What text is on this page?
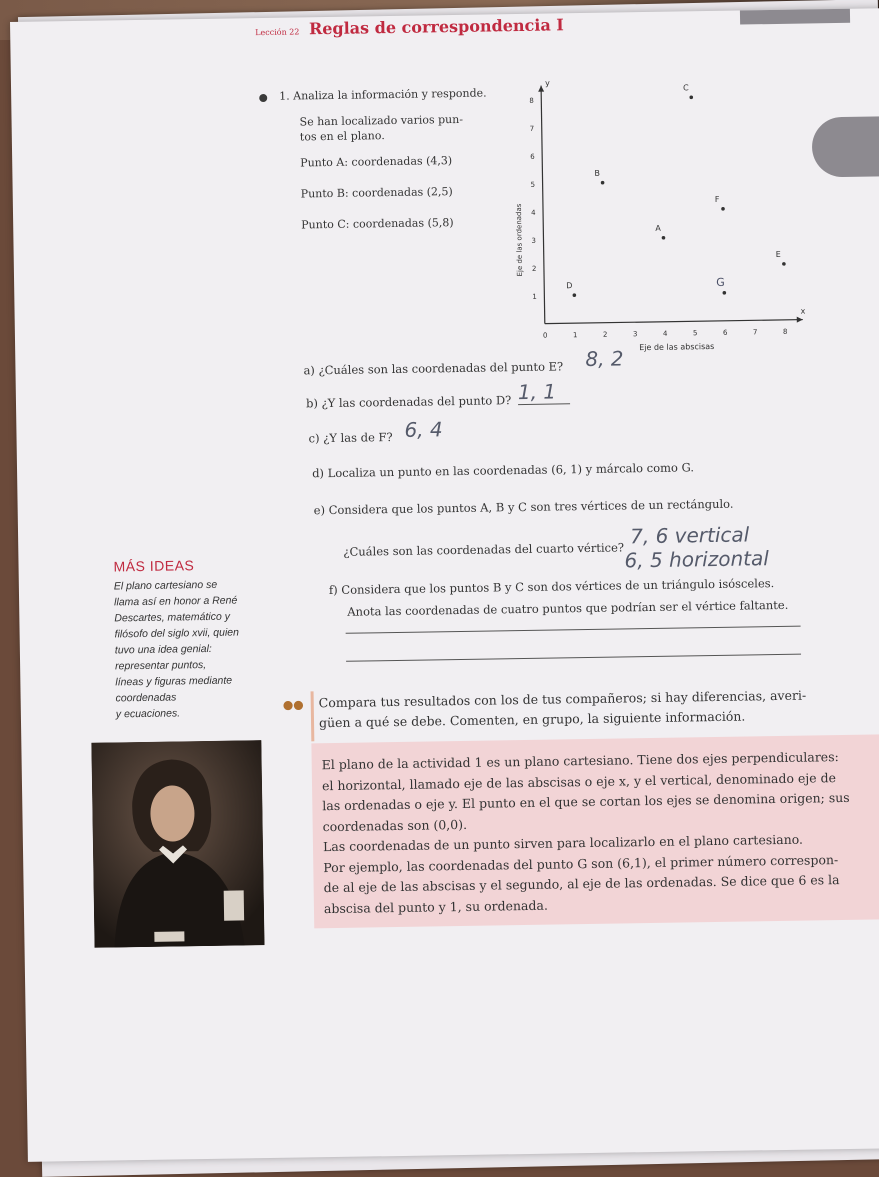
Lección 22 Reglas de correspondencia I
1. Analiza la información y responde.
Se han localizado varios pun-
tos en el plano.
Punto A: coordenadas (4,3)
Punto B: coordenadas (2,5)
Punto C: coordenadas (5,8)
x
y
0	1	2	3	4	5	6	7	8
1
2
3
4
5
6
7
8
Eje de las abscisas
Eje de las ordenadas	A
B
C
D
E
F
G
a) ¿Cuáles son las coordenadas del punto E? 8, 2
b) ¿Y las coordenadas del punto D? 1, 1
c) ¿Y las de F? 6, 4
d) Localiza un punto en las coordenadas (6, 1) y márcalo como G.
e) Considera que los puntos A, B y C son tres vértices de un rectángulo.
¿Cuáles son las coordenadas del cuarto vértice?
7, 6 vertical
6, 5 horizontal
f) Considera que los puntos B y C son dos vértices de un triángulo isósceles.
Anota las coordenadas de cuatro puntos que podrían ser el vértice faltante.
MÁS IDEAS
El plano cartesiano se
llama así en honor a René
Descartes, matemático y
filósofo del siglo xvii, quien
tuvo una idea genial:
representar puntos,
líneas y figuras mediante
coordenadas
y ecuaciones.
●● Compara tus resultados con los de tus compañeros; si hay diferencias, averi-
güen a qué se debe. Comenten, en grupo, la siguiente información.
El plano de la actividad 1 es un plano cartesiano. Tiene dos ejes perpendiculares:
el horizontal, llamado eje de las abscisas o eje x, y el vertical, denominado eje de
las ordenadas o eje y. El punto en el que se cortan los ejes se denomina origen; sus
coordenadas son (0,0).
Las coordenadas de un punto sirven para localizarlo en el plano cartesiano.
Por ejemplo, las coordenadas del punto G son (6,1), el primer número correspon-
de al eje de las abscisas y el segundo, al eje de las ordenadas. Se dice que 6 es la
abscisa del punto y 1, su ordenada.
